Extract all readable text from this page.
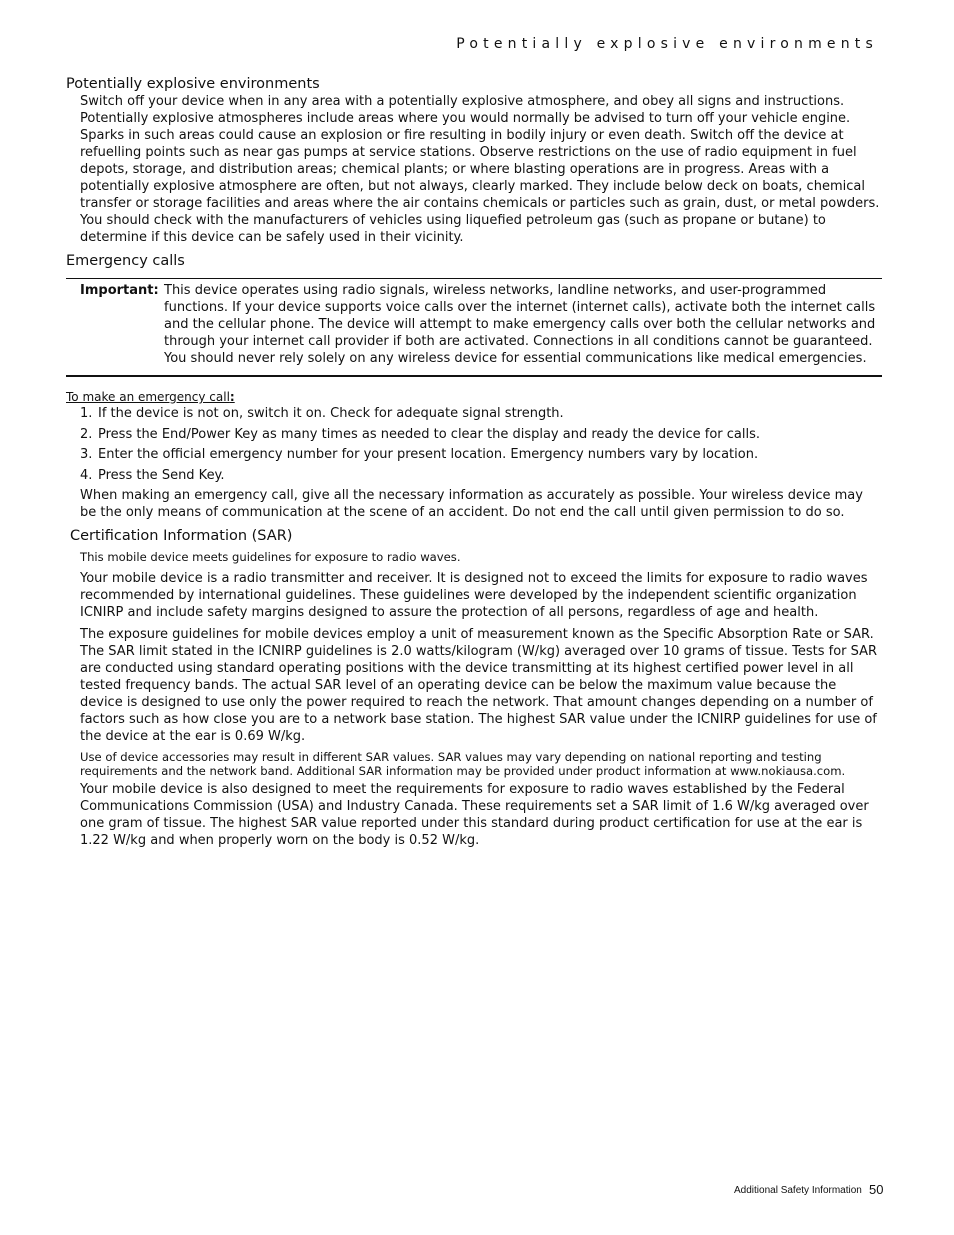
Potentially explosive environments
Potentially explosive environments

Switch off your device when in any area with a potentially explosive atmosphere, and obey all signs and instructions. Potentially explosive atmospheres include areas where you would normally be advised to turn off your vehicle engine. Sparks in such areas could cause an explosion or fire resulting in bodily injury or even death. Switch off the device at refuelling points such as near gas pumps at service stations. Observe restrictions on the use of radio equipment in fuel depots, storage, and distribution areas; chemical plants; or where blasting operations are in progress. Areas with a potentially explosive atmosphere are often, but not always, clearly marked. They include below deck on boats, chemical transfer or storage facilities and areas where the air contains chemicals or particles such as grain, dust, or metal powders. You should check with the manufacturers of vehicles using liquefied petroleum gas (such as propane or butane) to determine if this device can be safely used in their vicinity.

Emergency calls
Important: This device operates using radio signals, wireless networks, landline networks, and user-programmed functions. If your device supports voice calls over the internet (internet calls), activate both the internet calls and the cellular phone. The device will attempt to make emergency calls over both the cellular networks and through your internet call provider if both are activated. Connections in all conditions cannot be guaranteed. You should never rely solely on any wireless device for essential communications like medical emergencies.

To make an emergency call:
1. If the device is not on, switch it on. Check for adequate signal strength.
2. Press the End/Power Key as many times as needed to clear the display and ready the device for calls.
3. Enter the official emergency number for your present location. Emergency numbers vary by location.
4. Press the Send Key.

When making an emergency call, give all the necessary information as accurately as possible. Your wireless device may be the only means of communication at the scene of an accident. Do not end the call until given permission to do so.

Certification Information (SAR)

This mobile device meets guidelines for exposure to radio waves.

Your mobile device is a radio transmitter and receiver. It is designed not to exceed the limits for exposure to radio waves recommended by international guidelines. These guidelines were developed by the independent scientific organization ICNIRP and include safety margins designed to assure the protection of all persons, regardless of age and health.

The exposure guidelines for mobile devices employ a unit of measurement known as the Specific Absorption Rate or SAR. The SAR limit stated in the ICNIRP guidelines is 2.0 watts/kilogram (W/kg) averaged over 10 grams of tissue. Tests for SAR are conducted using standard operating positions with the device transmitting at its highest certified power level in all tested frequency bands. The actual SAR level of an operating device can be below the maximum value because the device is designed to use only the power required to reach the network. That amount changes depending on a number of factors such as how close you are to a network base station. The highest SAR value under the ICNIRP guidelines for use of the device at the ear is 0.69 W/kg.

Use of device accessories may result in different SAR values. SAR values may vary depending on national reporting and testing requirements and the network band. Additional SAR information may be provided under product information at www.nokiausa.com.

Your mobile device is also designed to meet the requirements for exposure to radio waves established by the Federal Communications Commission (USA) and Industry Canada. These requirements set a SAR limit of 1.6 W/kg averaged over one gram of tissue. The highest SAR value reported under this standard during product certification for use at the ear is 1.22 W/kg and when properly worn on the body is 0.52 W/kg.

Additional Safety Information 50
